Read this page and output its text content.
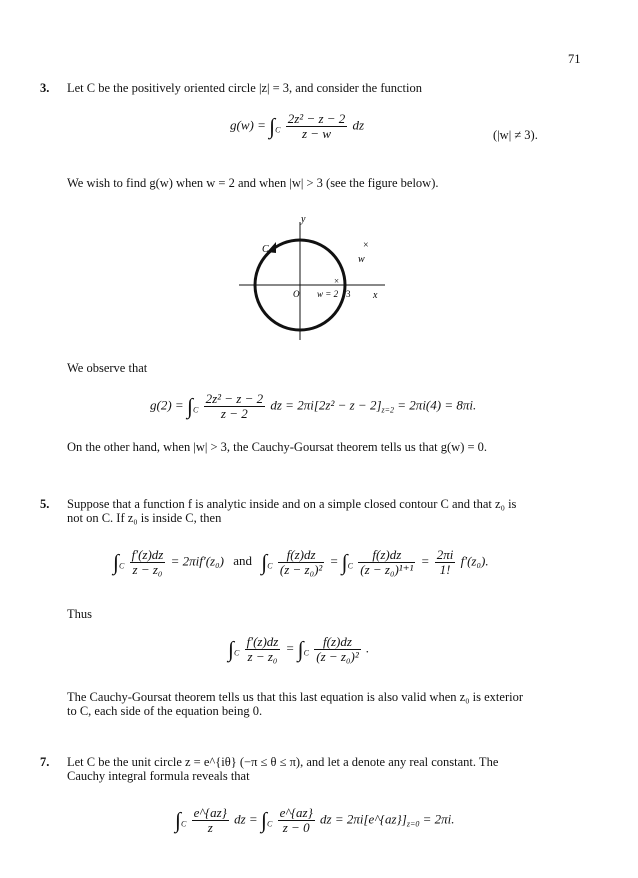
71
3. Let C be the positively oriented circle |z| = 3, and consider the function
$g(w) = \int_C \frac{\text{2z² − z − 2}}{z - w}$ dz
(|w| ≠ 3).
We wish to find g(w) when w = 2 and when |w| > 3 (see the figure below).
y
x
C	×
w
O
×
w = 2 3
We observe that
$g(2) = \int_C \frac{\text{2z² − z − 2}}{z - 2}$ dz = $2\pi i[2z^2 - z - 2]_{z=2} = 2\pi i(4) = 8\pi i$.
On the other hand, when |w| > 3, the Cauchy-Goursat theorem tells us that g(w) = 0.
5. Suppose that a function f is analytic inside and on a simple closed contour C and that z₀ is
not on C. If z₀ is inside C, then
$\int_C \frac{f'(z)dz}{\text{z − z₀}} = 2\pi if'(z_0)$ and $\int_C \frac{f(z)dz}{\text{(z − z₀)²}} = \int_C \frac{f(z)dz}{\text{(z − z₀)¹⁺¹}} = \frac{2\pi i}{1!} f'(z_0)$.
Thus
$\int_C \frac{f'(z)dz}{\text{z − z₀}} = \int_C \frac{f(z)dz}{\text{(z − z₀)²}}$ .
The Cauchy-Goursat theorem tells us that this last equation is also valid when z₀ is exterior
to C, each side of the equation being 0.
7. Let C be the unit circle z = e^{iθ} (−π ≤ θ ≤ π), and let a denote any real constant. The
Cauchy integral formula reveals that
$\int_C \frac{e\^{}\{az\}}{z}$ dz = $\int_C \frac{e\^{}\{az\}}{z - 0}$ dz = $2\pi i[e\^{}\{az\}]_{z=0} = 2\pi i$.
